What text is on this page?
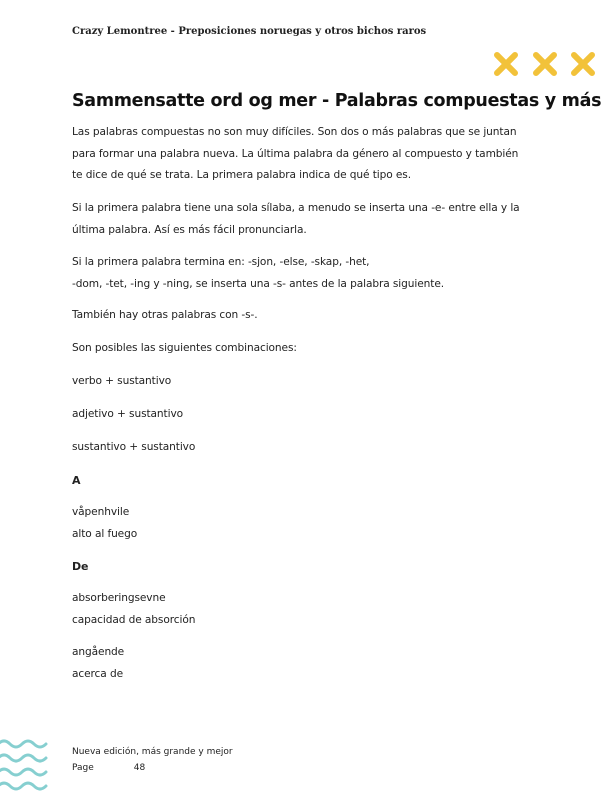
Crazy Lemontree - Preposiciones noruegas y otros bichos raros
Sammensatte ord og mer - Palabras compuestas y más

Las palabras compuestas no son muy difíciles. Son dos o más palabras que se juntan

para formar una palabra nueva. La última palabra da género al compuesto y también

te dice de qué se trata. La primera palabra indica de qué tipo es.

Si la primera palabra tiene una sola sílaba, a menudo se inserta una -e- entre ella y la

última palabra. Así es más fácil pronunciarla.

Si la primera palabra termina en: -sjon, -else, -skap, -het,

-dom, -tet, -ing y -ning, se inserta una -s- antes de la palabra siguiente.

También hay otras palabras con -s-.
Son posibles las siguientes combinaciones:
verbo + sustantivo
adjetivo + sustantivo
sustantivo + sustantivo
A

våpenhvile

alto al fuego

De

absorberingsevne

capacidad de absorción

angående

acerca de

Nueva edición, más grande y mejor
Page	48
